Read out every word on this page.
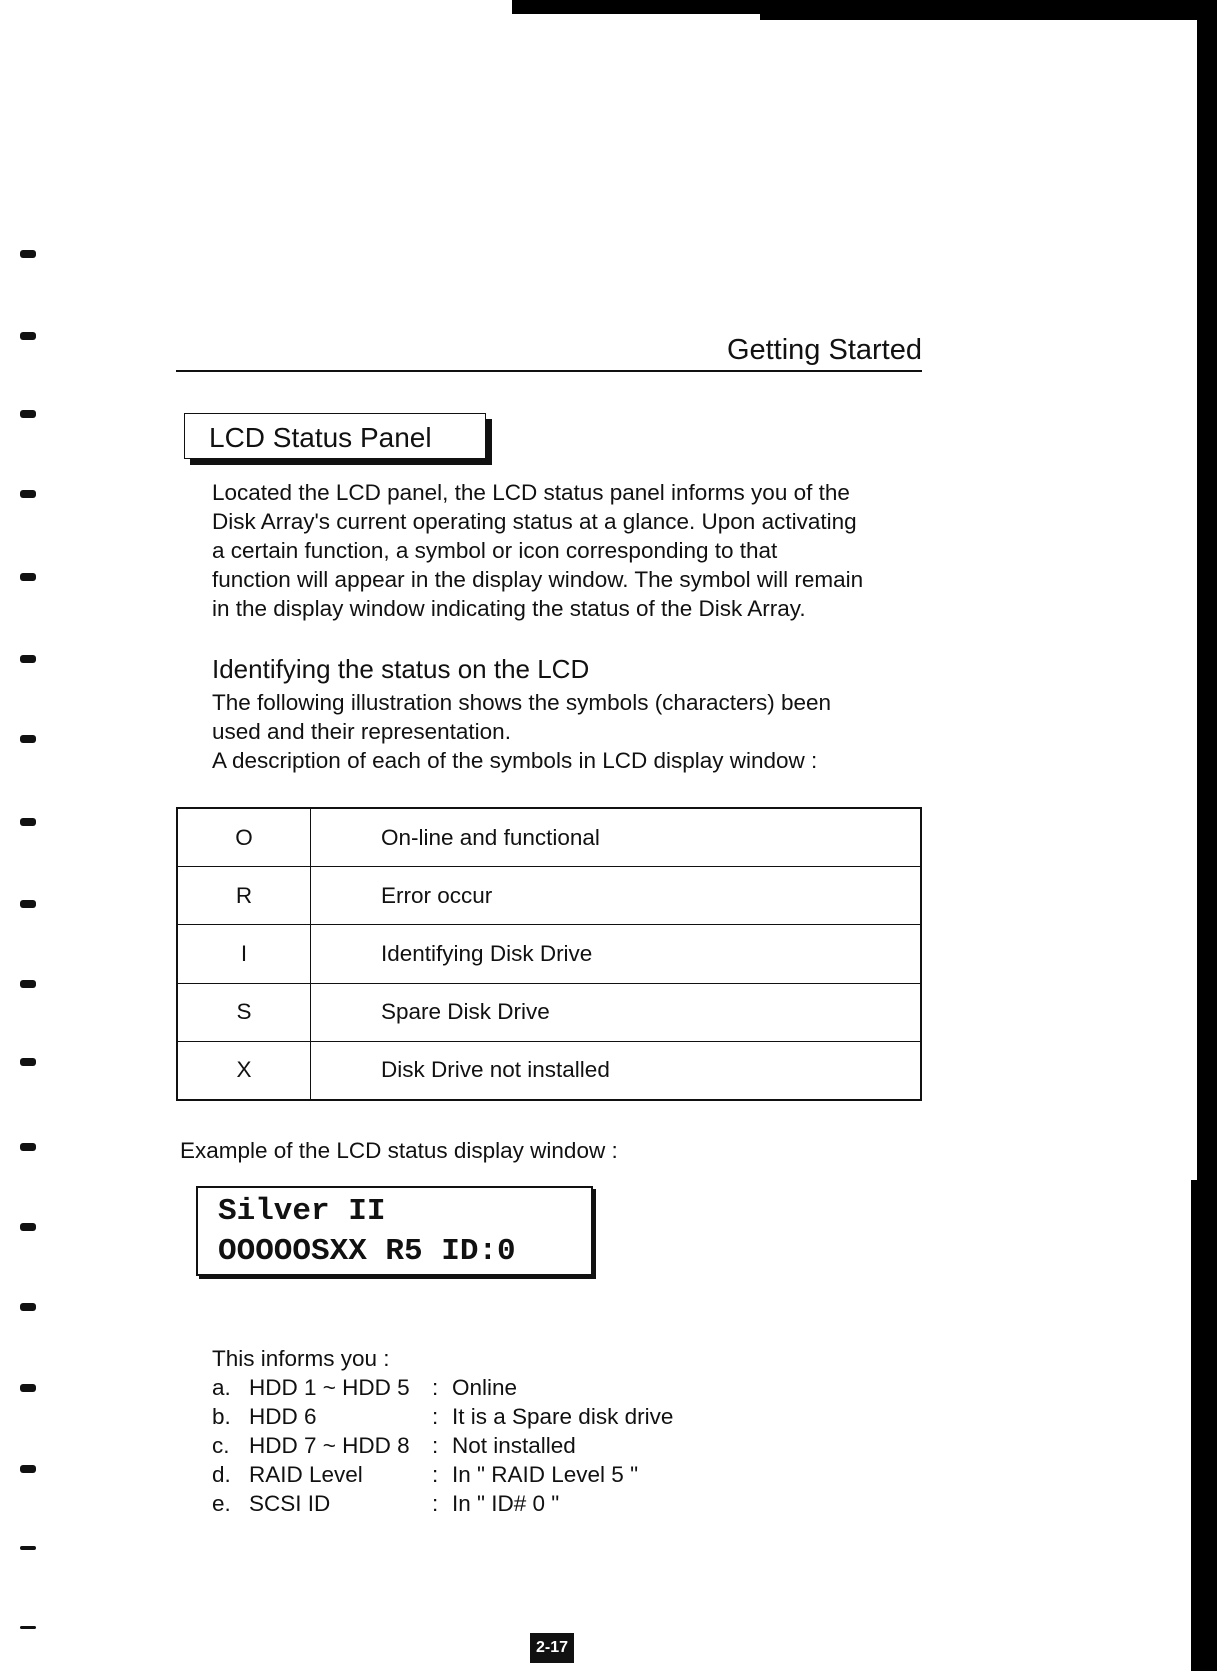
Getting Started
LCD Status Panel
Located the LCD panel, the LCD status panel informs you of the
Disk Array's current operating status at a glance. Upon activating
a certain function, a symbol or icon corresponding to that
function will appear in the display window. The symbol will remain
in the display window indicating the status of the Disk Array.
Identifying the status on the LCD
The following illustration shows the symbols (characters) been
used and their representation.
A description of each of the symbols in LCD display window :
O	On-line and functional
R	Error occur
I	Identifying Disk Drive
S	Spare Disk Drive
X	Disk Drive not installed
Example of the LCD status display window :
Silver II
OOOOOSXX R5 ID:0
This informs you :
a. HDD 1 ~ HDD 5 : Online
b. HDD 6	: It is a Spare disk drive
c. HDD 7 ~ HDD 8 : Not installed
d. RAID Level	: In " RAID Level 5 "
e. SCSI ID	: In " ID# 0 "
2-17
